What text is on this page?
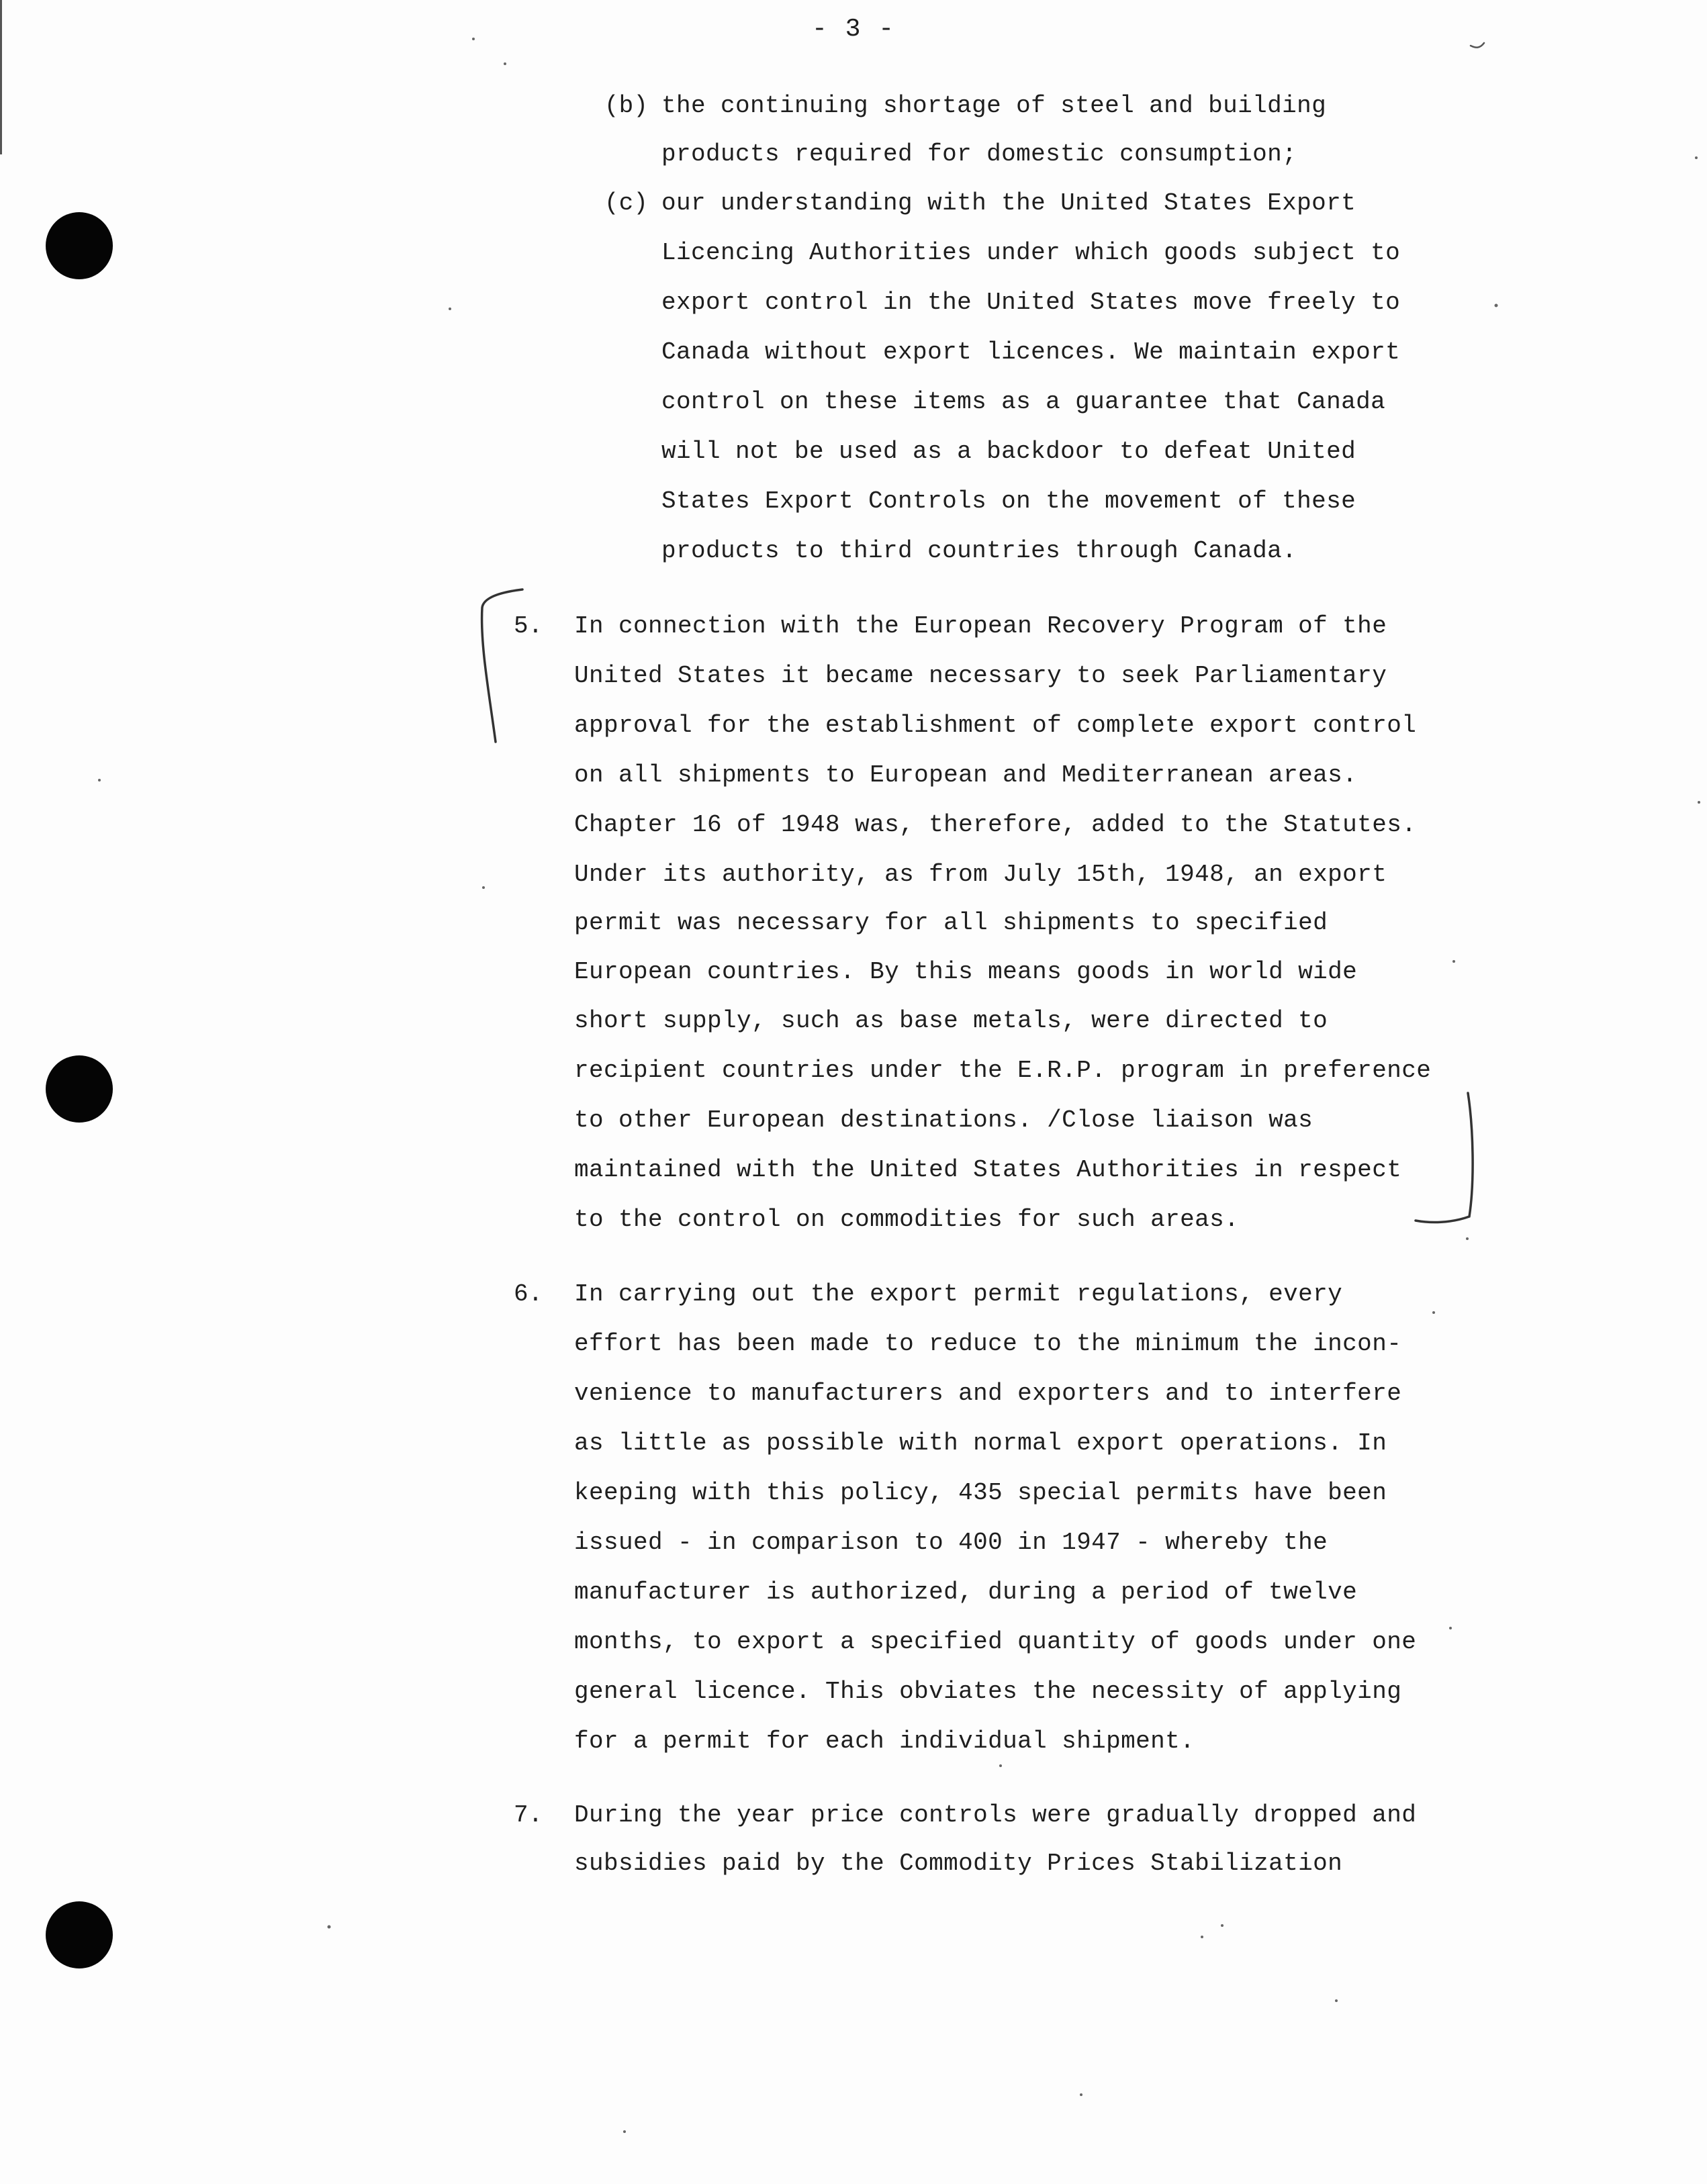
- 3 -
(b) the continuing shortage of steel and building
products required for domestic consumption;
(c) our understanding with the United States Export
Licencing Authorities under which goods subject to
export control in the United States move freely to
Canada without export licences. We maintain export
control on these items as a guarantee that Canada
will not be used as a backdoor to defeat United
States Export Controls on the movement of these
products to third countries through Canada.
5. In connection with the European Recovery Program of the
United States it became necessary to seek Parliamentary
approval for the establishment of complete export control
on all shipments to European and Mediterranean areas.
Chapter 16 of 1948 was, therefore, added to the Statutes.
Under its authority, as from July 15th, 1948, an export
permit was necessary for all shipments to specified
European countries. By this means goods in world wide
short supply, such as base metals, were directed to
recipient countries under the E.R.P. program in preference
to other European destinations. /Close liaison was
maintained with the United States Authorities in respect
to the control on commodities for such areas.
6. In carrying out the export permit regulations, every
effort has been made to reduce to the minimum the incon-
venience to manufacturers and exporters and to interfere
as little as possible with normal export operations. In
keeping with this policy, 435 special permits have been
issued - in comparison to 400 in 1947 - whereby the
manufacturer is authorized, during a period of twelve
months, to export a specified quantity of goods under one
general licence. This obviates the necessity of applying
for a permit for each individual shipment.
7. During the year price controls were gradually dropped and
subsidies paid by the Commodity Prices Stabilization
